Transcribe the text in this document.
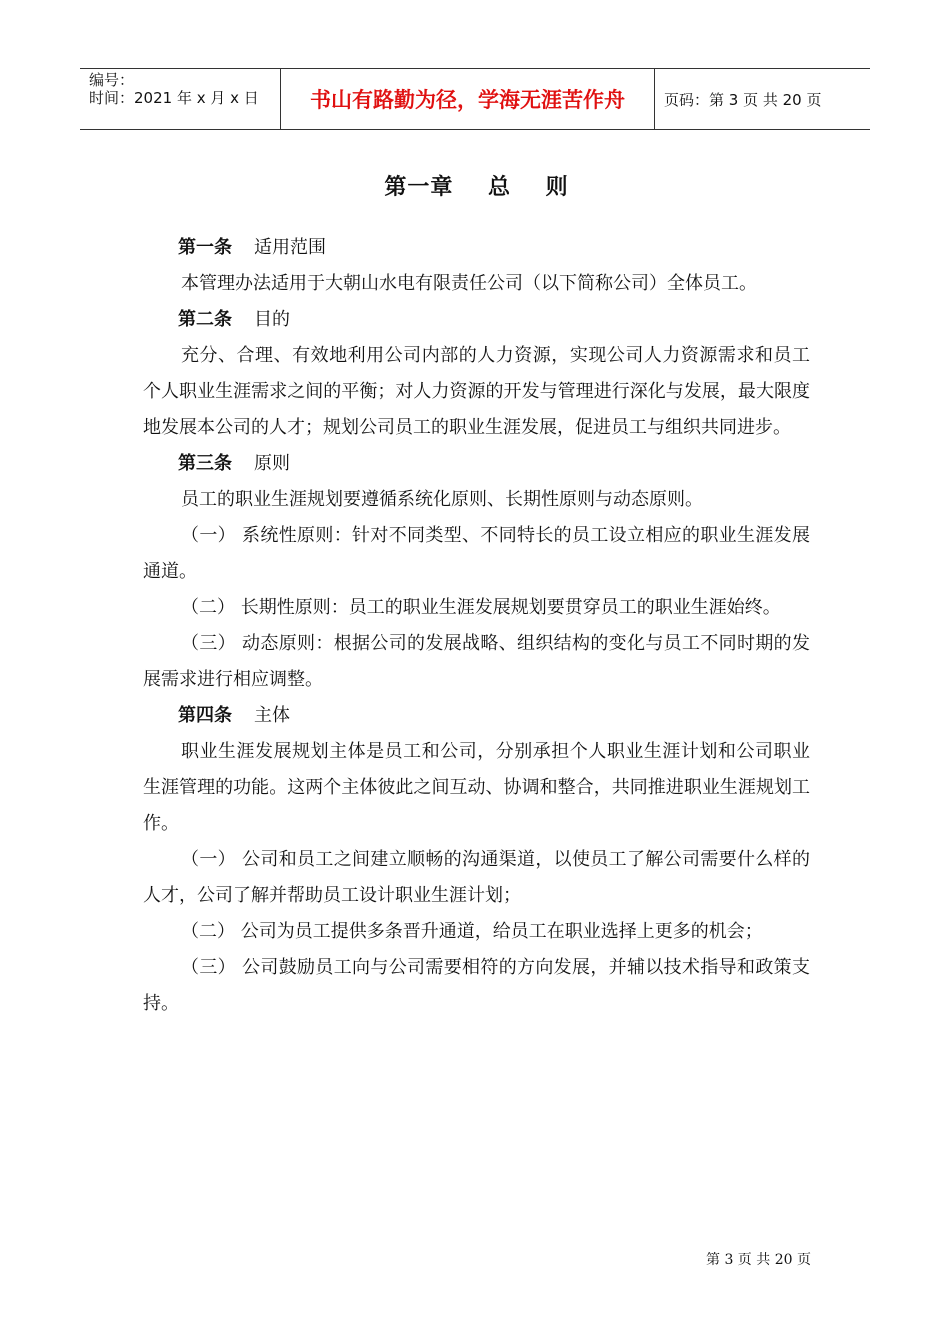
编号：
时间：2021 年 x 月 x 日	书山有路勤为径，学海无涯苦作舟	页码：第 3 页 共 20 页
第一章    总    则

第一条 适用范围

本管理办法适用于大朝山水电有限责任公司（以下简称公司）全体员工。

第二条 目的

充分、合理、有效地利用公司内部的人力资源，实现公司人力资源需求和员工个人职业生涯需求之间的平衡；对人力资源的开发与管理进行深化与发展，最大限度地发展本公司的人才；规划公司员工的职业生涯发展，促进员工与组织共同进步。

第三条 原则

员工的职业生涯规划要遵循系统化原则、长期性原则与动态原则。

（一） 系统性原则：针对不同类型、不同特长的员工设立相应的职业生涯发展通道。

（二） 长期性原则：员工的职业生涯发展规划要贯穿员工的职业生涯始终。

（三） 动态原则：根据公司的发展战略、组织结构的变化与员工不同时期的发展需求进行相应调整。

第四条 主体

职业生涯发展规划主体是员工和公司，分别承担个人职业生涯计划和公司职业生涯管理的功能。这两个主体彼此之间互动、协调和整合，共同推进职业生涯规划工作。

（一） 公司和员工之间建立顺畅的沟通渠道，以使员工了解公司需要什么样的人才，公司了解并帮助员工设计职业生涯计划；

（二） 公司为员工提供多条晋升通道，给员工在职业选择上更多的机会；

（三） 公司鼓励员工向与公司需要相符的方向发展，并辅以技术指导和政策支持。

第 3 页 共 20 页
